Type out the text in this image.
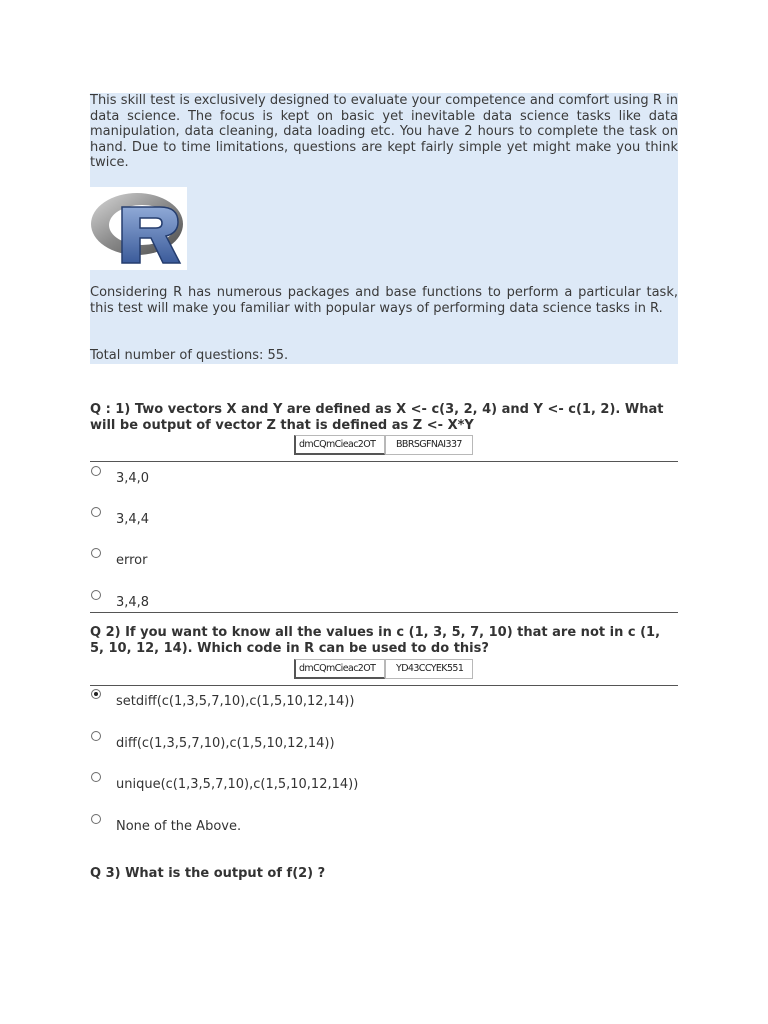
This skill test is exclusively designed to evaluate your competence and comfort using R in data science. The focus is kept on basic yet inevitable data science tasks like data manipulation, data cleaning, data loading etc. You have 2 hours to complete the task on hand. Due to time limitations, questions are kept fairly simple yet might make you think twice.

Considering R has numerous packages and base functions to perform a particular task, this test will make you familiar with popular ways of performing data science tasks in R.

Total number of questions: 55.

Q : 1) Two vectors X and Y are defined as X <- c(3, 2, 4) and Y <- c(1, 2). What will be output of vector Z that is defined as Z <- X*Y
dmCQmCieac2OT	BBRSGFNAI337
3,4,0
3,4,4
error
3,4,8
Q 2) If you want to know all the values in c (1, 3, 5, 7, 10) that are not in c (1, 5, 10, 12, 14). Which code in R can be used to do this?
dmCQmCieac2OT	YD43CCYEK551
setdiff(c(1,3,5,7,10),c(1,5,10,12,14))
diff(c(1,3,5,7,10),c(1,5,10,12,14))
unique(c(1,3,5,7,10),c(1,5,10,12,14))
None of the Above.
Q 3) What is the output of f(2) ?
